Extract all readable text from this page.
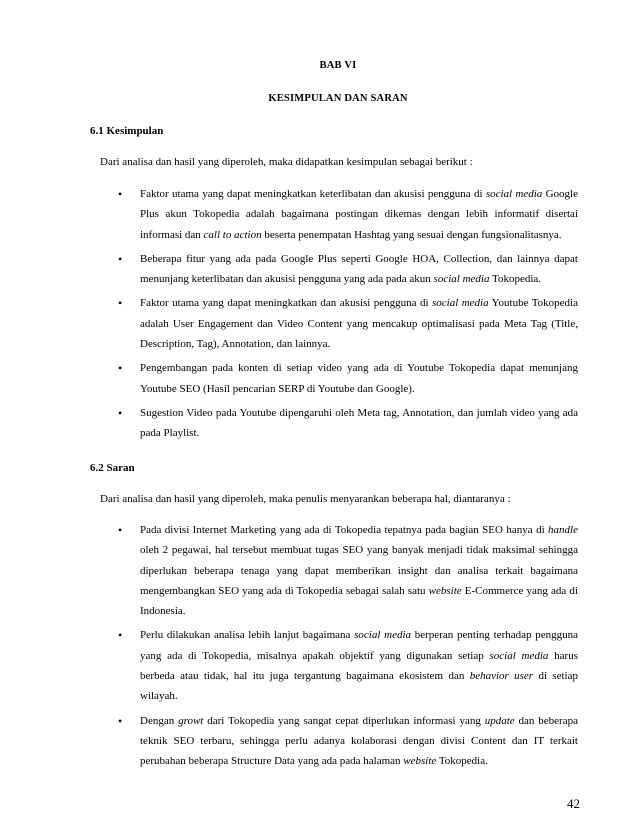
BAB VI
KESIMPULAN DAN SARAN
6.1 Kesimpulan
Dari analisa dan hasil yang diperoleh, maka didapatkan kesimpulan sebagai berikut :
• Faktor utama yang dapat meningkatkan keterlibatan dan akusisi pengguna di social media Google Plus akun Tokopedia adalah bagaimana postingan dikemas dengan lebih informatif disertai informasi dan call to action beserta penempatan Hashtag yang sesuai dengan fungsionalitasnya.
• Beberapa fitur yang ada pada Google Plus seperti Google HOA, Collection, dan lainnya dapat menunjang keterlibatan dan akusisi pengguna yang ada pada akun social media Tokopedia.
• Faktor utama yang dapat meningkatkan dan akusisi pengguna di social media Youtube Tokopedia adalah User Engagement dan Video Content yang mencakup optimalisasi pada Meta Tag (Title, Description, Tag), Annotation, dan lainnya.
• Pengembangan pada konten di setiap video yang ada di Youtube Tokopedia dapat menunjang Youtube SEO (Hasil pencarian SERP di Youtube dan Google).
• Sugestion Video pada Youtube dipengaruhi oleh Meta tag, Annotation, dan jumlah video yang ada pada Playlist.
6.2 Saran
Dari analisa dan hasil yang diperoleh, maka penulis menyarankan beberapa hal, diantaranya :
• Pada divisi Internet Marketing yang ada di Tokopedia tepatnya pada bagian SEO hanya di handle oleh 2 pegawai, hal tersebut membuat tugas SEO yang banyak menjadi tidak maksimal sehingga diperlukan beberapa tenaga yang dapat memberikan insight dan analisa terkait bagaimana mengembangkan SEO yang ada di Tokopedia sebagai salah satu website E-Commerce yang ada di Indonesia.
• Perlu dilakukan analisa lebih lanjut bagaimana social media berperan penting terhadap pengguna yang ada di Tokopedia, misalnya apakah objektif yang digunakan setiap social media harus berbeda atau tidak, hal itu juga tergantung bagaimana ekosistem dan behavior user di setiap wilayah.
• Dengan growt dari Tokopedia yang sangat cepat diperlukan informasi yang update dan beberapa teknik SEO terbaru, sehingga perlu adanya kolaborasi dengan divisi Content dan IT terkait perubahan beberapa Structure Data yang ada pada halaman website Tokopedia.
42
